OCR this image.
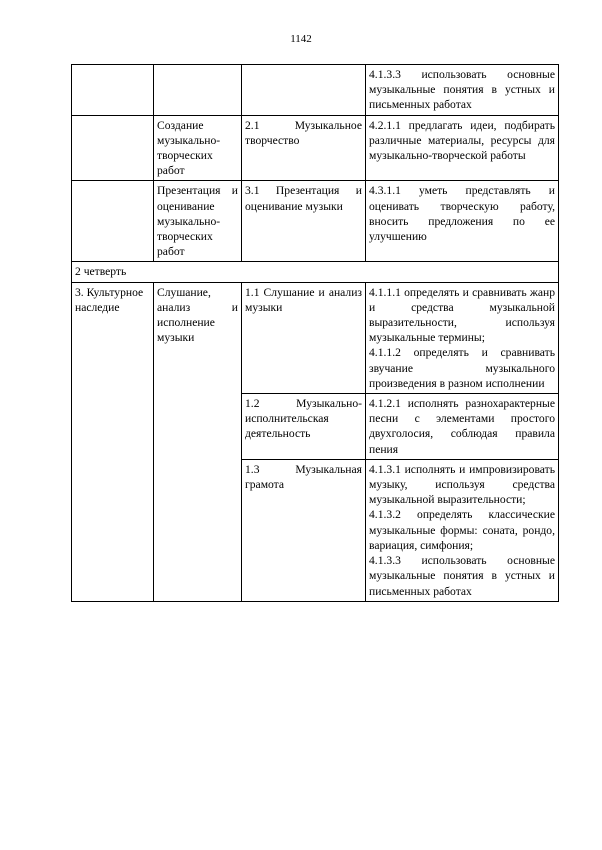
1142
			4.1.3.3 использовать основные музыкальные понятия в устных и письменных работах
	Создание музыкально-творческих работ	2.1 Музыкальное творчество	4.2.1.1 предлагать идеи, подбирать различные материалы, ресурсы для музыкально-творческой работы
	Презентация и оценивание музыкально-творческих работ	3.1 Презентация и оценивание музыки	4.3.1.1 уметь представлять и оценивать творческую работу, вносить предложения по ее улучшению
2 четверть			
3. Культурное наследие	Слушание, анализ и исполнение музыки	1.1 Слушание и анализ музыки	4.1.1.1 определять и сравнивать жанр и средства музыкальной выразительности, используя музыкальные термины;
4.1.1.2 определять и сравнивать звучание музыкального произведения в разном исполнении

		1.2 Музыкально-исполнительская деятельность	4.1.2.1 исполнять разнохарактерные песни с элементами простого двухголосия, соблюдая правила пения
		1.3 Музыкальная грамота	4.1.3.1 исполнять и импровизировать музыку, используя средства музыкальной выразительности;
4.1.3.2 определять классические музыкальные формы: соната, рондо, вариация, симфония;
4.1.3.3 использовать основные музыкальные понятия в устных и письменных работах
